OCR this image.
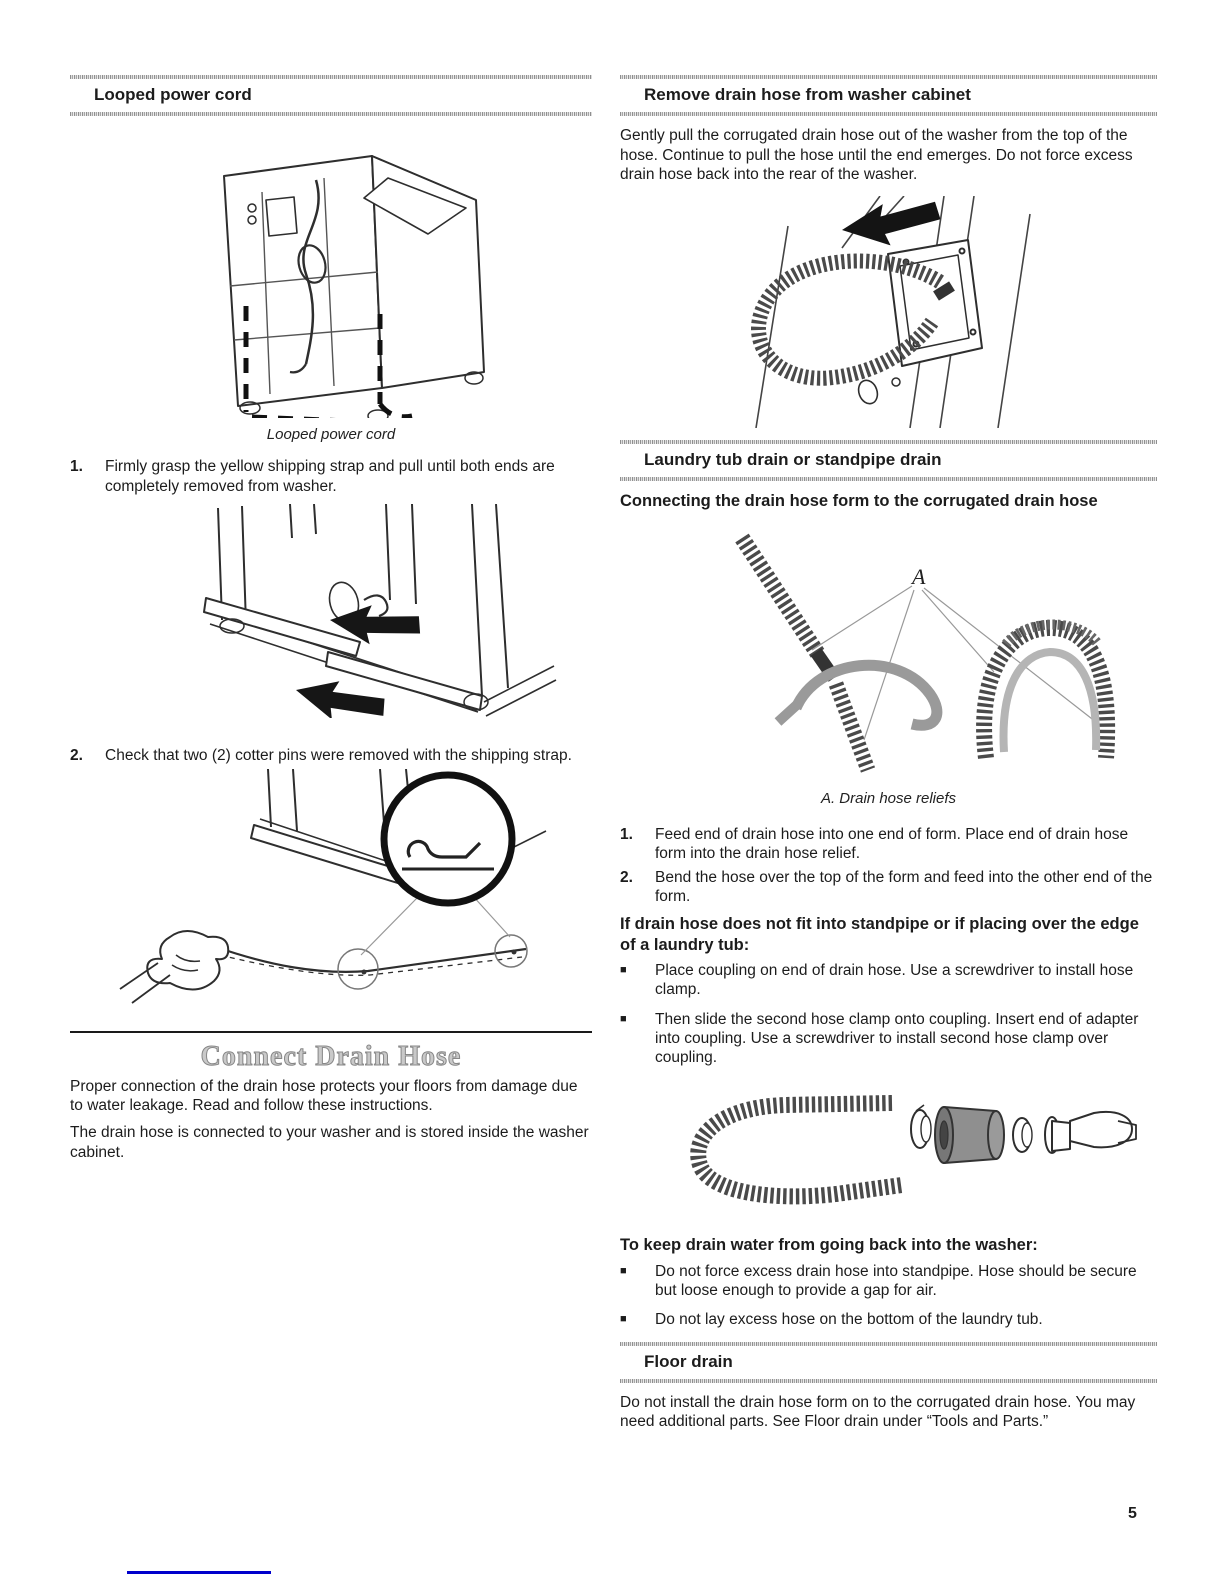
Looped power cord
Looped power cord
1.	Firmly grasp the yellow shipping strap and pull until both ends are completely removed from washer.
2.	Check that two (2) cotter pins were removed with the shipping strap.
Connect Drain Hose

Proper connection of the drain hose protects your floors from damage due to water leakage. Read and follow these instructions.

The drain hose is connected to your washer and is stored inside the washer cabinet.

Remove drain hose from washer cabinet

Gently pull the corrugated drain hose out of the washer from the top of the hose. Continue to pull the hose until the end emerges. Do not force excess drain hose back into the rear of the washer.

Laundry tub drain or standpipe drain

Connecting the drain hose form to the corrugated drain hose

A
A. Drain hose reliefs
1.	Feed end of drain hose into one end of form. Place end of drain hose form into the drain hose relief.
2.	Bend the hose over the top of the form and feed into the other end of the form.

If drain hose does not fit into standpipe or if placing over the edge of a laundry tub:

■	Place coupling on end of drain hose. Use a screwdriver to install hose clamp.
■	Then slide the second hose clamp onto coupling. Insert end of adapter into coupling. Use a screwdriver to install second hose clamp over coupling.

To keep drain water from going back into the washer:

■	Do not force excess drain hose into standpipe. Hose should be secure but loose enough to provide a gap for air.
■	Do not lay excess hose on the bottom of the laundry tub.
Floor drain

Do not install the drain hose form on to the corrugated drain hose. You may need additional parts. See Floor drain under “Tools and Parts.”

5
